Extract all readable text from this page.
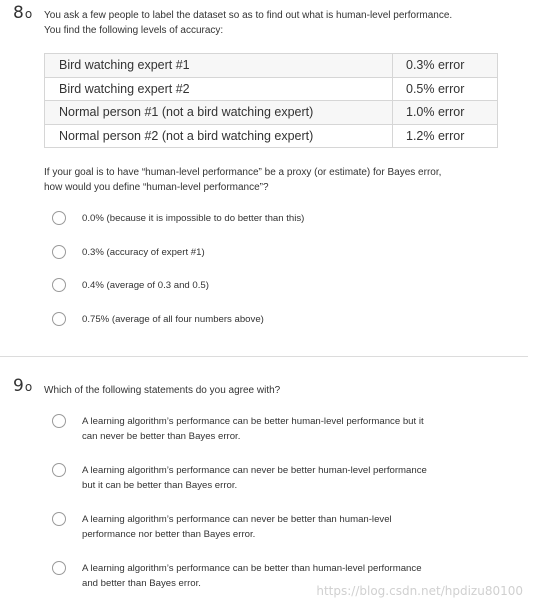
8o You ask a few people to label the dataset so as to find out what is human-level performance.
You find the following levels of accuracy:
Bird watching expert #1	0.3% error
Bird watching expert #2	0.5% error
Normal person #1 (not a bird watching expert)	1.0% error
Normal person #2 (not a bird watching expert)	1.2% error
If your goal is to have “human-level performance” be a proxy (or estimate) for Bayes error,
how would you define “human-level performance”?
0.0% (because it is impossible to do better than this)
0.3% (accuracy of expert #1)
0.4% (average of 0.3 and 0.5)
0.75% (average of all four numbers above)
9o Which of the following statements do you agree with?
A learning algorithm’s performance can be better human-level performance but it
can never be better than Bayes error.
A learning algorithm’s performance can never be better human-level performance
but it can be better than Bayes error.
A learning algorithm’s performance can never be better than human-level
performance nor better than Bayes error.
A learning algorithm’s performance can be better than human-level performance
and better than Bayes error.
https://blog.csdn.net/hpdizu80100
